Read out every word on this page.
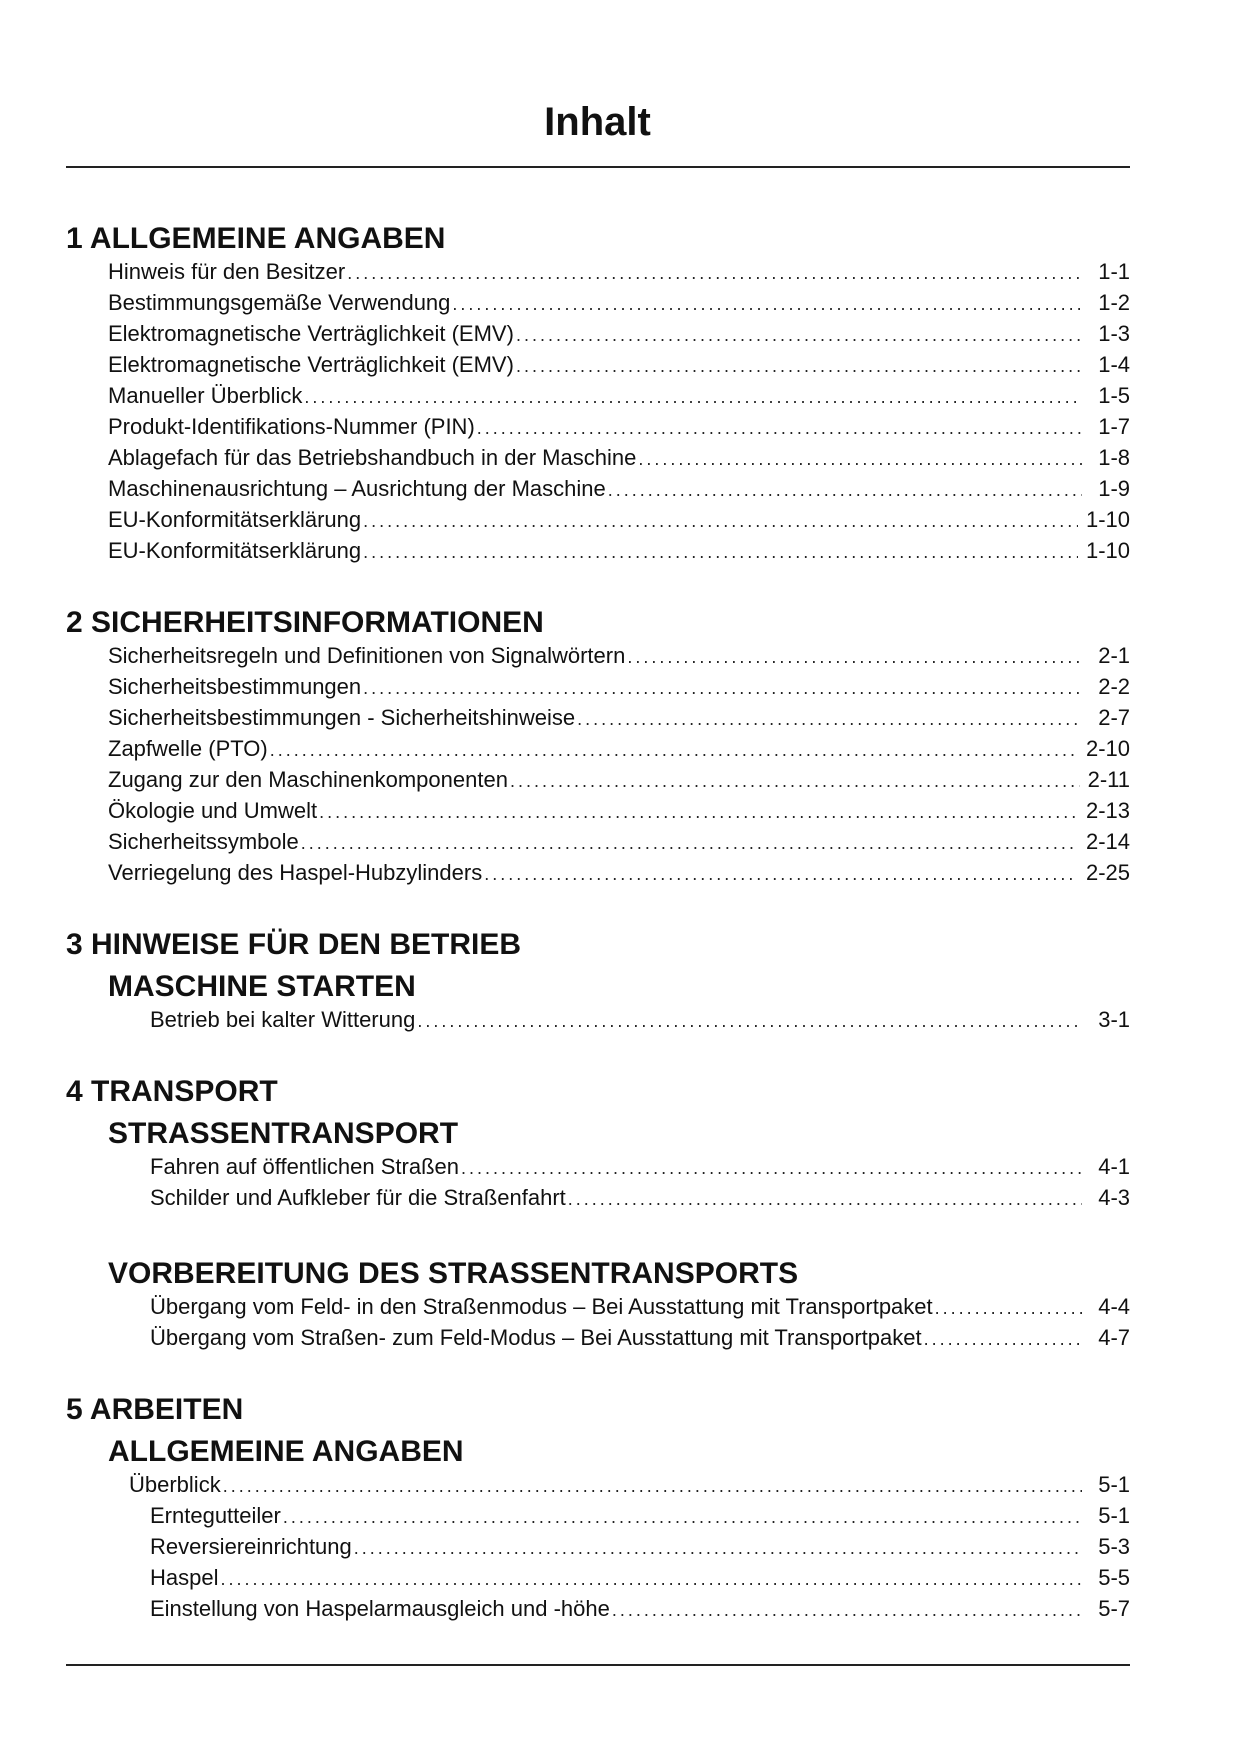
Inhalt
1 ALLGEMEINE ANGABEN
Hinweis für den Besitzer . . .	1-1
Bestimmungsgemäße Verwendung . . .	1-2
Elektromagnetische Verträglichkeit (EMV) . . .	1-3
Elektromagnetische Verträglichkeit (EMV) . . .	1-4
Manueller Überblick . . .	1-5
Produkt-Identifikations-Nummer (PIN) . . .	1-7
Ablagefach für das Betriebshandbuch in der Maschine . . .	1-8
Maschinenausrichtung – Ausrichtung der Maschine . . .	1-9
EU-Konformitätserklärung . . .	1-10
EU-Konformitätserklärung . . .	1-10
2 SICHERHEITSINFORMATIONEN
Sicherheitsregeln und Definitionen von Signalwörtern . . .	2-1
Sicherheitsbestimmungen . . .	2-2
Sicherheitsbestimmungen - Sicherheitshinweise . . .	2-7
Zapfwelle (PTO) . . .	2-10
Zugang zur den Maschinenkomponenten . . .	2-11
Ökologie und Umwelt . . .	2-13
Sicherheitssymbole . . .	2-14
Verriegelung des Haspel-Hubzylinders . . .	2-25
3 HINWEISE FÜR DEN BETRIEB
MASCHINE STARTEN
Betrieb bei kalter Witterung . . .	3-1
4 TRANSPORT
STRASSENTRANSPORT
Fahren auf öffentlichen Straßen . . .	4-1
Schilder und Aufkleber für die Straßenfahrt . . .	4-3
VORBEREITUNG DES STRASSENTRANSPORTS
Übergang vom Feld- in den Straßenmodus – Bei Ausstattung mit Transportpaket . . .	4-4
Übergang vom Straßen- zum Feld-Modus – Bei Ausstattung mit Transportpaket . . .	4-7
5 ARBEITEN
ALLGEMEINE ANGABEN
Überblick . . .	5-1
Erntegutteiler . . .	5-1
Reversiereinrichtung . . .	5-3
Haspel . . .	5-5
Einstellung von Haspelarmausgleich und -höhe . . .	5-7
